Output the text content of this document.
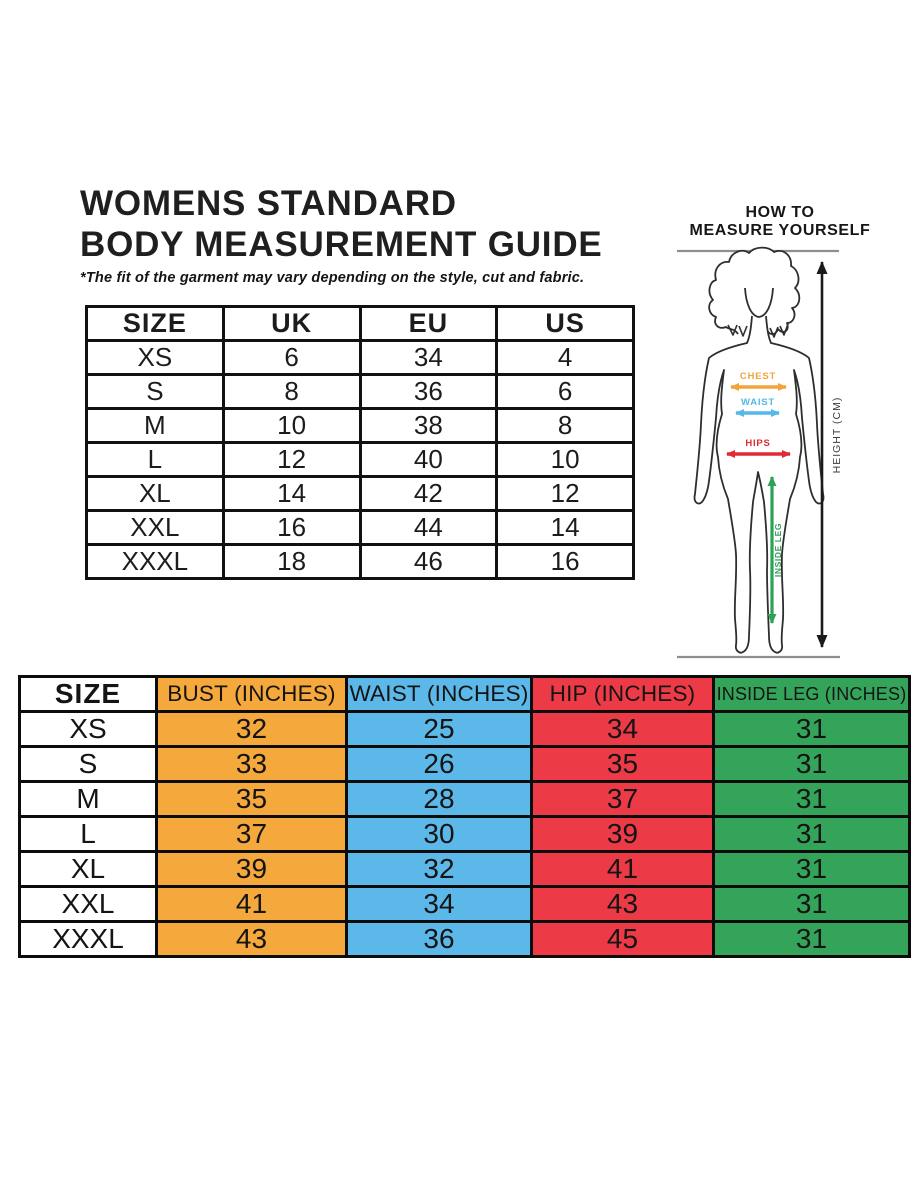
WOMENS STANDARD
BODY MEASUREMENT GUIDE
*The fit of the garment may vary depending on the style, cut and fabric.
SIZE	UK	EU	US
XS	6	34	4
S	8	36	6
M	10	38	8
L	12	40	10
XL	14	42	12
XXL	16	44	14
XXXL	18	46	16
HOW TO
MEASURE YOURSELF
CHEST
WAIST
HIPS
INSIDE LEG
HEIGHT (CM)
SIZE	BUST (INCHES)	WAIST (INCHES)	HIP (INCHES)	INSIDE LEG (INCHES)
XS	32	25	34	31
S	33	26	35	31
M	35	28	37	31
L	37	30	39	31
XL	39	32	41	31
XXL	41	34	43	31
XXXL	43	36	45	31
